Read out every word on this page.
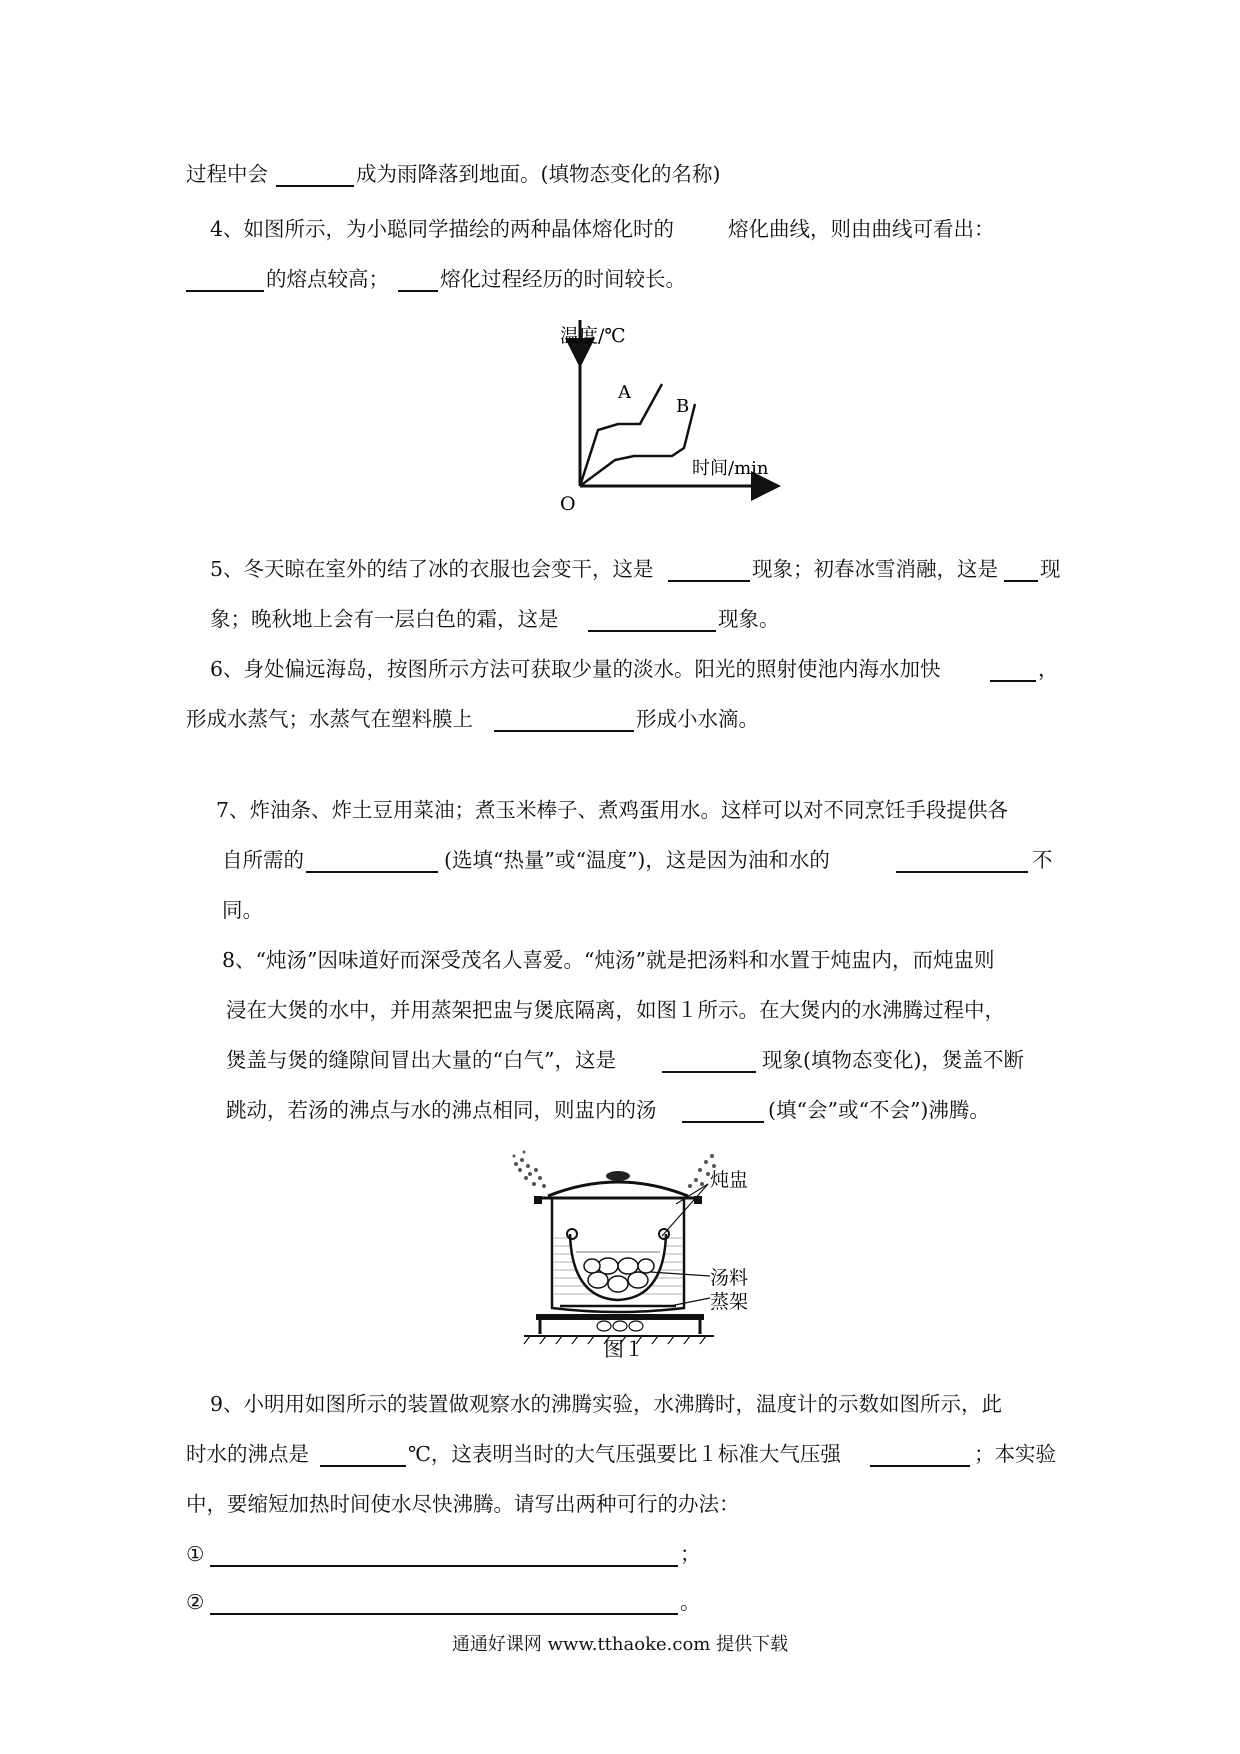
过程中会	成为雨降落到地面。(填物态变化的名称)
4、如图所示，为小聪同学描绘的两种晶体熔化时的	熔化曲线，则由曲线可看出：
的熔点较高； 熔化过程经历的时间较长。
温度/℃
时间/min
O
A
B
5、冬天晾在室外的结了冰的衣服也会变干，这是	现象；初春冰雪消融，这是 现
象；晚秋地上会有一层白色的霜，这是	现象。
6、身处偏远海岛，按图所示方法可获取少量的淡水。阳光的照射使池内海水加快	，
形成水蒸气；水蒸气在塑料膜上	形成小水滴。
7、炸油条、炸土豆用菜油；煮玉米棒子、煮鸡蛋用水。这样可以对不同烹饪手段提供各
自所需的	(选填“热量”或“温度”)，这是因为油和水的	不
同。
8、“炖汤”因味道好而深受茂名人喜爱。“炖汤”就是把汤料和水置于炖盅内，而炖盅则
浸在大煲的水中，并用蒸架把盅与煲底隔离，如图１所示。在大煲内的水沸腾过程中，
煲盖与煲的缝隙间冒出大量的“白气”，这是	现象(填物态变化)，煲盖不断
跳动，若汤的沸点与水的沸点相同，则盅内的汤	(填“会”或“不会”)沸腾。
炖盅
汤料
蒸架
图１
9、小明用如图所示的装置做观察水的沸腾实验，水沸腾时，温度计的示数如图所示，此
时水的沸点是	℃，这表明当时的大气压强要比１标准大气压强	；本实验
中，要缩短加热时间使水尽快沸腾。请写出两种可行的办法：
①	；
②	。
通通好课网 www.tthaoke.com 提供下载
